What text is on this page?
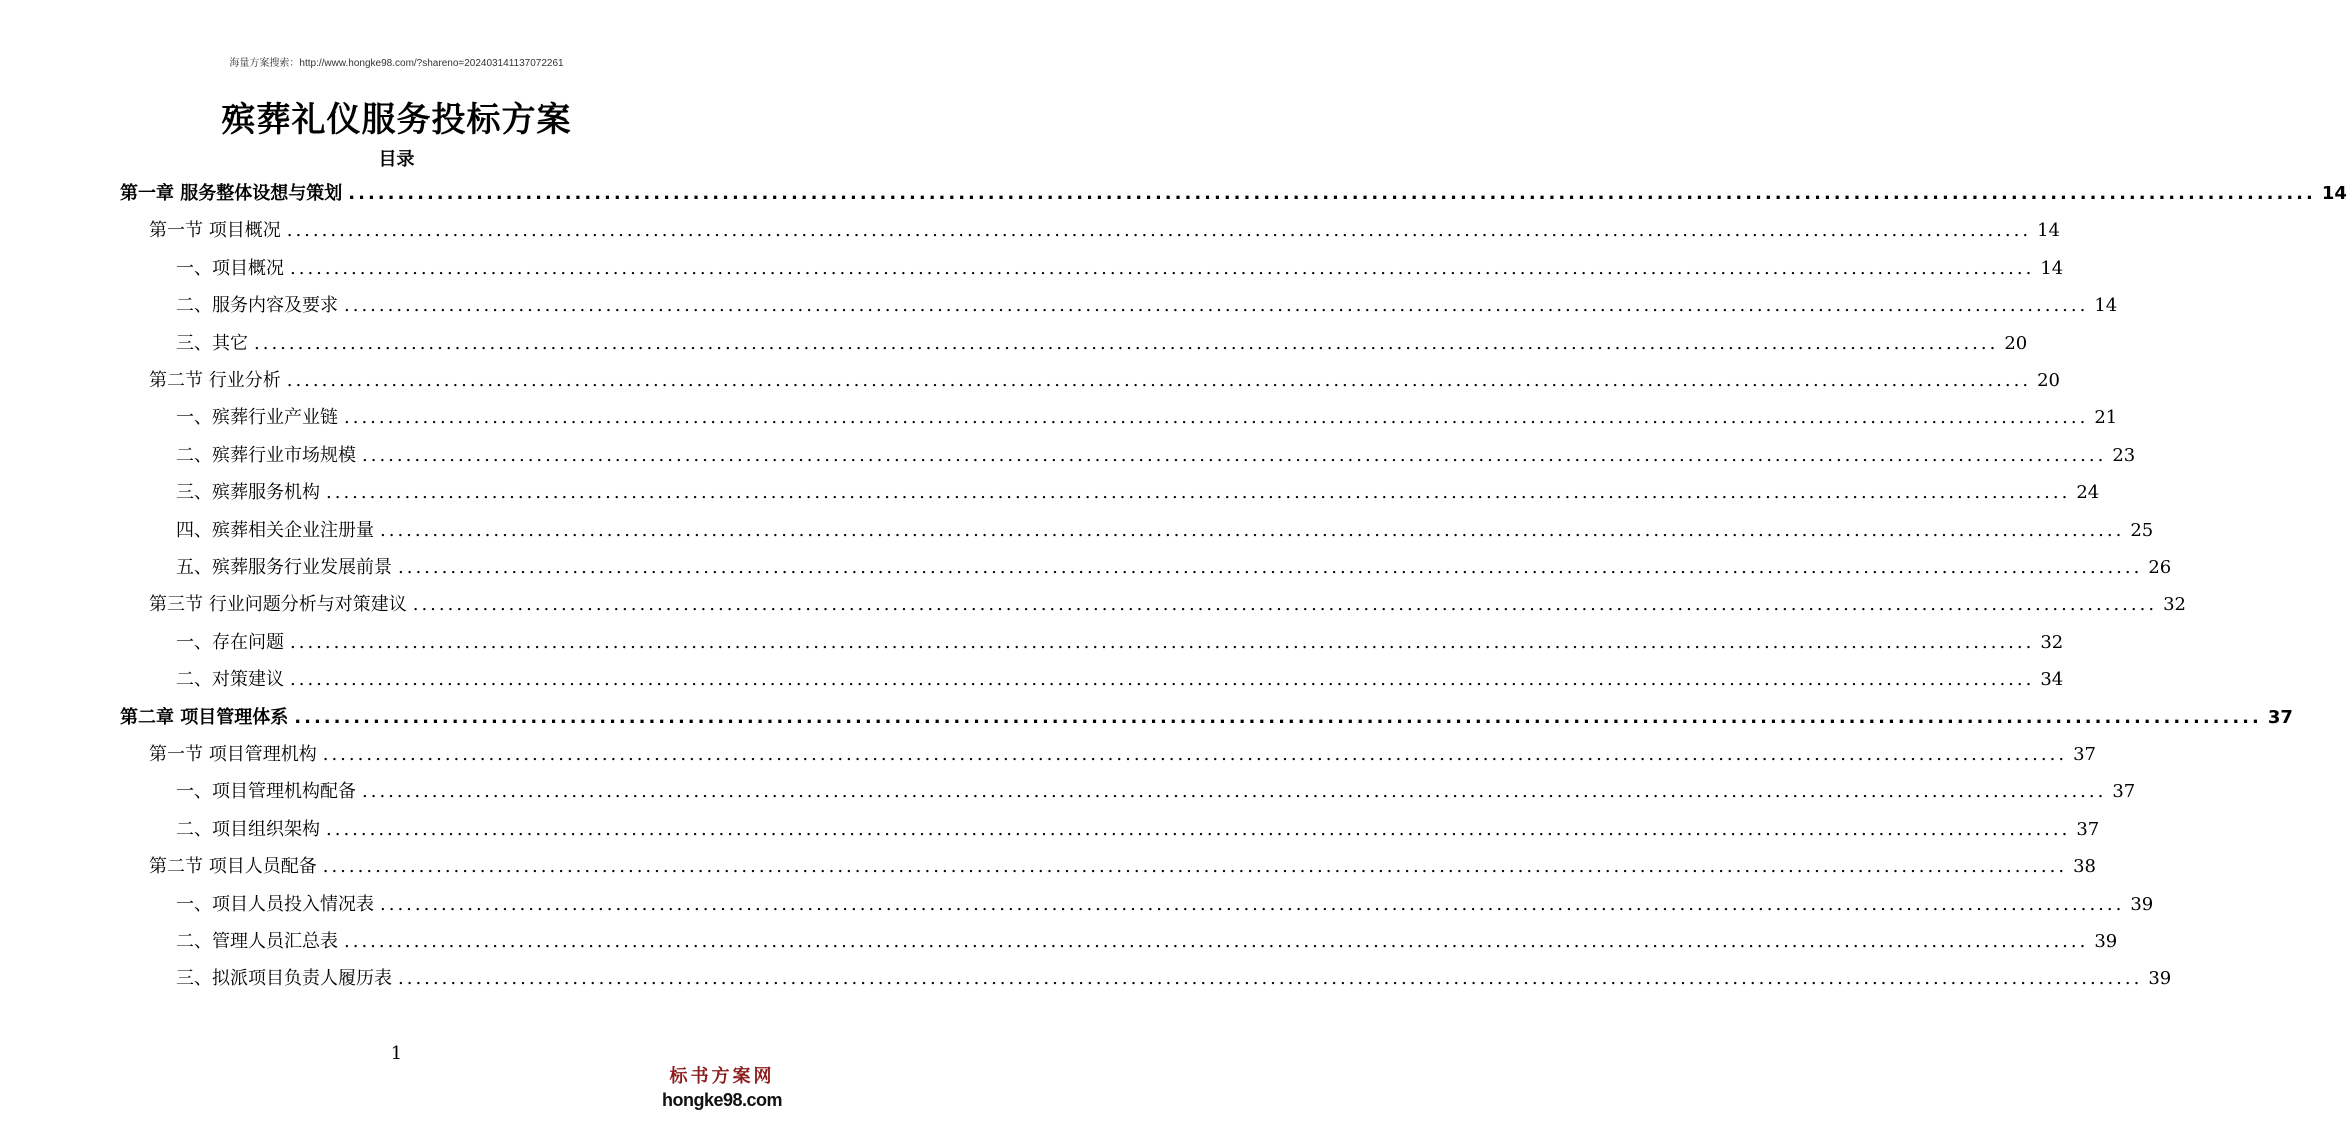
海量方案搜索：http://www.hongke98.com/?shareno=20240314113707​2261
殡葬礼仪服务投标方案
目录
第一章 服务整体设想与策划 ........................................................................................................................................................................................................ 14
第一节 项目概况 ........................................................................................................................................................................................................ 14
一、项目概况 ........................................................................................................................................................................................................ 14
二、服务内容及要求 ........................................................................................................................................................................................................ 14
三、其它 ........................................................................................................................................................................................................ 20
第二节 行业分析 ........................................................................................................................................................................................................ 20
一、殡葬行业产业链 ........................................................................................................................................................................................................ 21
二、殡葬行业市场规模 ........................................................................................................................................................................................................ 23
三、殡葬服务机构 ........................................................................................................................................................................................................ 24
四、殡葬相关企业注册量 ........................................................................................................................................................................................................ 25
五、殡葬服务行业发展前景 ........................................................................................................................................................................................................ 26
第三节 行业问题分析与对策建议 ........................................................................................................................................................................................................ 32
一、存在问题 ........................................................................................................................................................................................................ 32
二、对策建议 ........................................................................................................................................................................................................ 34
第二章 项目管理体系 ........................................................................................................................................................................................................ 37
第一节 项目管理机构 ........................................................................................................................................................................................................ 37
一、项目管理机构配备 ........................................................................................................................................................................................................ 37
二、项目组织架构 ........................................................................................................................................................................................................ 37
第二节 项目人员配备 ........................................................................................................................................................................................................ 38
一、项目人员投入情况表 ........................................................................................................................................................................................................ 39
二、管理人员汇总表 ........................................................................................................................................................................................................ 39
三、拟派项目负责人履历表 ........................................................................................................................................................................................................ 39
1
标书方案网
hongke98.com
